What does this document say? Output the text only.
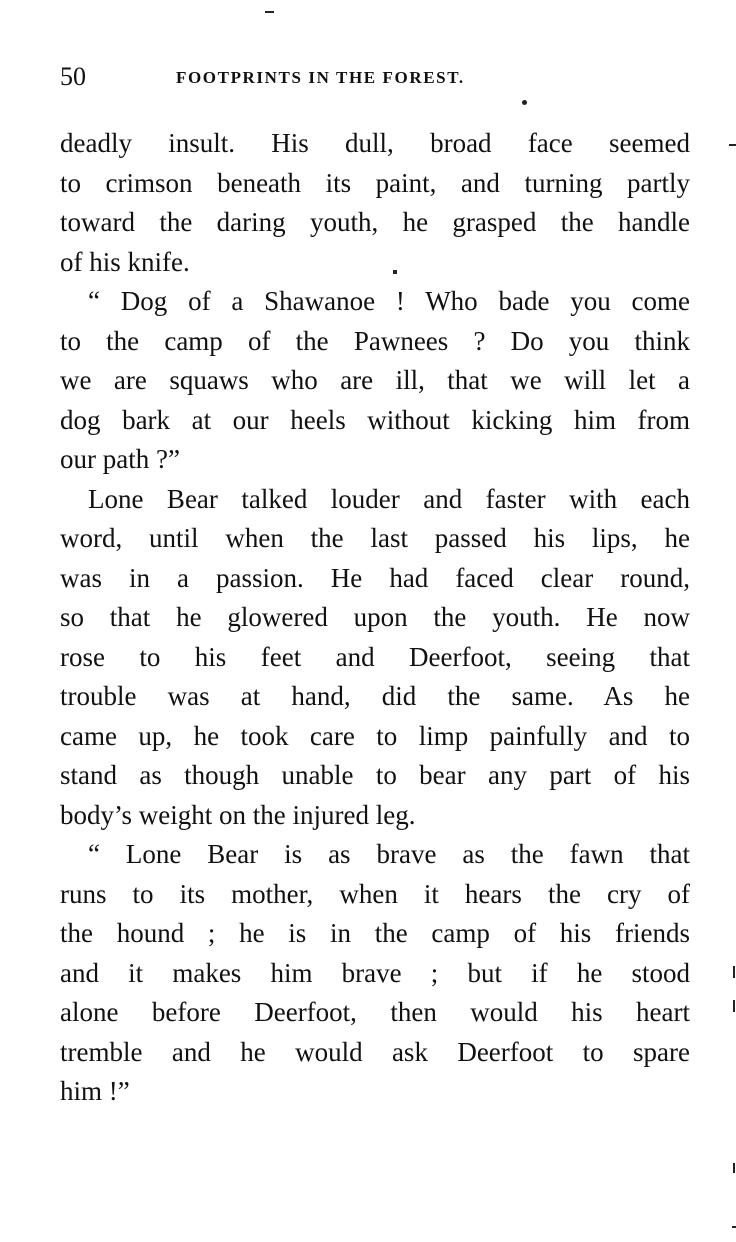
50	FOOTPRINTS IN THE FOREST.
deadly insult. His dull, broad face seemed
to crimson beneath its paint, and turning partly
toward the daring youth, he grasped the handle
of his knife.
“ Dog of a Shawanoe ! Who bade you come
to the camp of the Pawnees ? Do you think
we are squaws who are ill, that we will let a
dog bark at our heels without kicking him from
our path ?”
Lone Bear talked louder and faster with each
word, until when the last passed his lips, he
was in a passion. He had faced clear round,
so that he glowered upon the youth. He now
rose to his feet and Deerfoot, seeing that
trouble was at hand, did the same. As he
came up, he took care to limp painfully and to
stand as though unable to bear any part of his
body’s weight on the injured leg.
“ Lone Bear is as brave as the fawn that
runs to its mother, when it hears the cry of
the hound ; he is in the camp of his friends
and it makes him brave ; but if he stood
alone before Deerfoot, then would his heart
tremble and he would ask Deerfoot to spare
him !”
